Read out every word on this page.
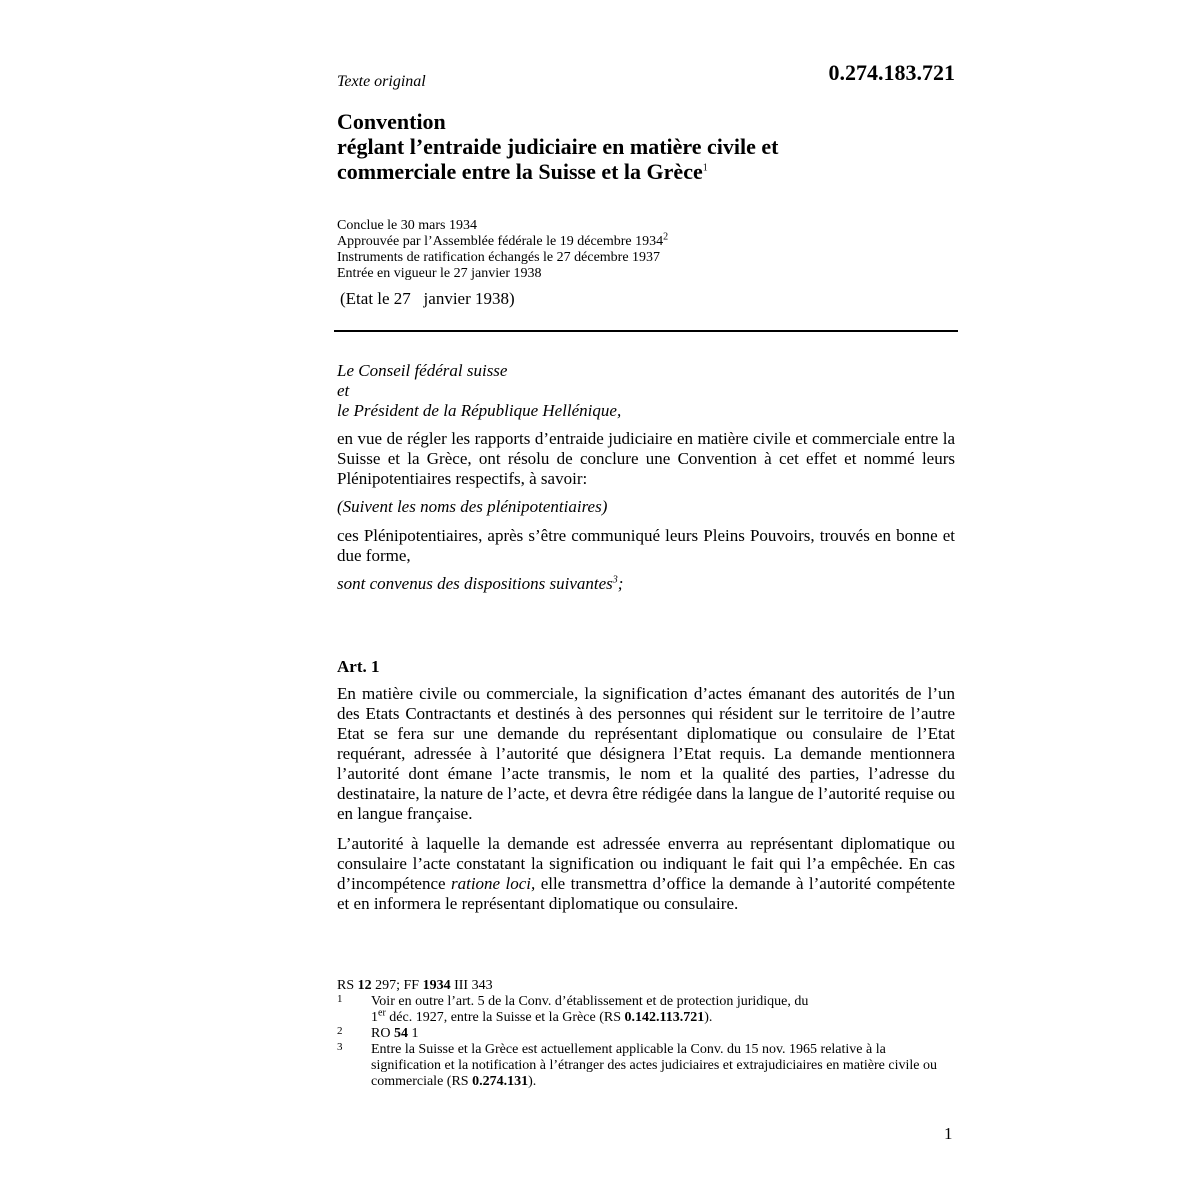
Texte original	0.274.183.721
Convention
réglant l’entraide judiciaire en matière civile et
commerciale entre la Suisse et la Grèce$^1$
Conclue le 30 mars 1934
Approuvée par l’Assemblée fédérale le 19 décembre 1934$^2$
Instruments de ratification échangés le 27 décembre 1937
Entrée en vigueur le 27 janvier 1938
(Etat le 27   janvier 1938)
Le Conseil fédéral suisse
et
le Président de la République Hellénique,
en vue de régler les rapports d’entraide judiciaire en matière civile et commerciale entre la Suisse et la Grèce, ont résolu de conclure une Convention à cet effet et nommé leurs Plénipotentiaires respectifs, à savoir:
(Suivent les noms des plénipotentiaires)
ces Plénipotentiaires, après s’être communiqué leurs Pleins Pouvoirs, trouvés en bonne et due forme,
sont convenus des dispositions suivantes$^3$;
Art. 1
En matière civile ou commerciale, la signification d’actes émanant des autorités de l’un des Etats Contractants et destinés à des personnes qui résident sur le territoire de l’autre Etat se fera sur une demande du représentant diplomatique ou consulaire de l’Etat requérant, adressée à l’autorité que désignera l’Etat requis. La demande mentionnera l’autorité dont émane l’acte transmis, le nom et la qualité des parties, l’adresse du destinataire, la nature de l’acte, et devra être rédigée dans la langue de l’autorité requise ou en langue française.
L’autorité à laquelle la demande est adressée enverra au représentant diplomatique ou consulaire l’acte constatant la signification ou indiquant le fait qui l’a empêchée. En cas d’incompétence ratione loci, elle transmettra d’office la demande à l’autorité compétente et en informera le représentant diplomatique ou consulaire.
RS 12 297; FF 1934 III 343
1 Voir en outre l’art. 5 de la Conv. d’établissement et de protection juridique, du
1er déc. 1927, entre la Suisse et la Grèce (RS 0.142.113.721).
2 RO 54 1
3 Entre la Suisse et la Grèce est actuellement applicable la Conv. du 15 nov. 1965 relative à la signification et la notification à l’étranger des actes judiciaires et extrajudiciaires en matière civile ou commerciale (RS 0.274.131).
1
